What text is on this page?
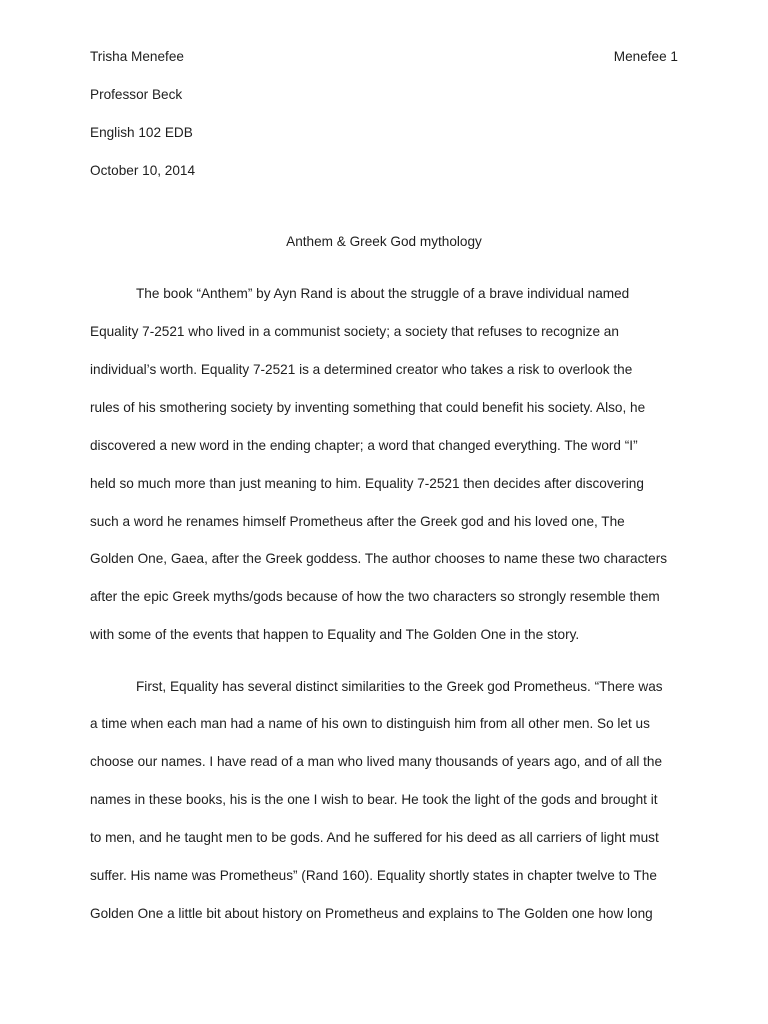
Trisha Menefee	Menefee 1
Professor Beck
English 102 EDB
October 10, 2014
Anthem & Greek God mythology
The book “Anthem” by Ayn Rand is about the struggle of a brave individual named
Equality 7-2521 who lived in a communist society; a society that refuses to recognize an
individual’s worth. Equality 7-2521 is a determined creator who takes a risk to overlook the
rules of his smothering society by inventing something that could benefit his society. Also, he
discovered a new word in the ending chapter; a word that changed everything. The word “I”
held so much more than just meaning to him. Equality 7-2521 then decides after discovering
such a word he renames himself Prometheus after the Greek god and his loved one, The
Golden One, Gaea, after the Greek goddess. The author chooses to name these two characters
after the epic Greek myths/gods because of how the two characters so strongly resemble them
with some of the events that happen to Equality and The Golden One in the story.
First, Equality has several distinct similarities to the Greek god Prometheus. “There was
a time when each man had a name of his own to distinguish him from all other men. So let us
choose our names. I have read of a man who lived many thousands of years ago, and of all the
names in these books, his is the one I wish to bear. He took the light of the gods and brought it
to men, and he taught men to be gods. And he suffered for his deed as all carriers of light must
suffer. His name was Prometheus” (Rand 160). Equality shortly states in chapter twelve to The
Golden One a little bit about history on Prometheus and explains to The Golden one how long
